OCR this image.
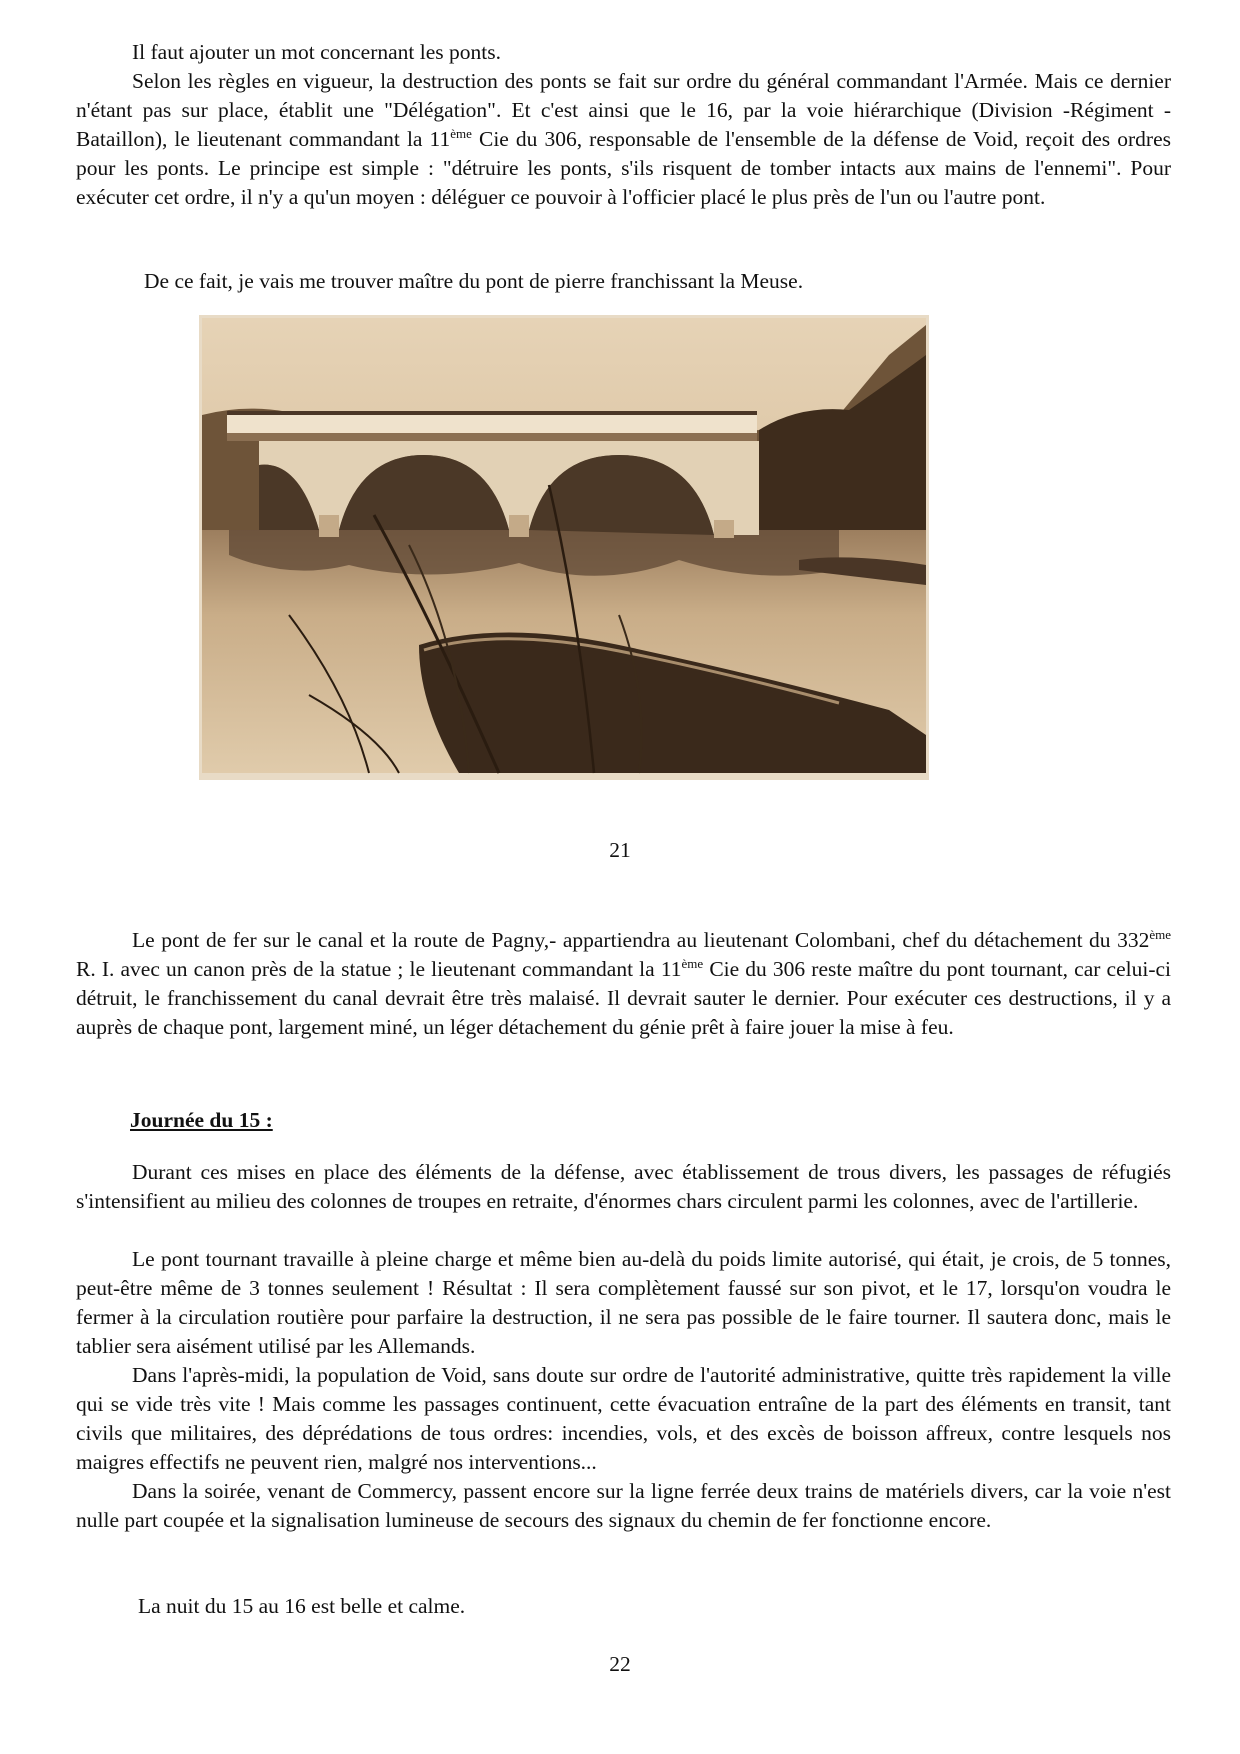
Il faut ajouter un mot concernant les ponts.

Selon les règles en vigueur, la destruction des ponts se fait sur ordre du général commandant l'Armée. Mais ce dernier n'étant pas sur place, établit une "Délégation". Et c'est ainsi que le 16, par la voie hiérarchique (Division -Régiment - Bataillon), le lieutenant commandant la 11ème Cie du 306, responsable de l'ensemble de la défense de Void, reçoit des ordres pour les ponts. Le principe est simple : "détruire les ponts, s'ils risquent de tomber intacts aux mains de l'ennemi". Pour exécuter cet ordre, il n'y a qu'un moyen : déléguer ce pouvoir à l'officier placé le plus près de l'un ou l'autre pont.

De ce fait, je vais me trouver maître du pont de pierre franchissant la Meuse.
21

Le pont de fer sur le canal et la route de Pagny,- appartiendra au lieutenant Colombani, chef du détachement du 332ème R. I. avec un canon près de la statue ; le lieutenant commandant la 11ème Cie du 306 reste maître du pont tournant, car celui-ci détruit, le franchissement du canal devrait être très malaisé. Il devrait sauter le dernier. Pour exécuter ces destructions, il y a auprès de chaque pont, largement miné, un léger détachement du génie prêt à faire jouer la mise à feu.

Journée du 15 :

Durant ces mises en place des éléments de la défense, avec établissement de trous divers, les passages de réfugiés s'intensifient au milieu des colonnes de troupes en retraite, d'énormes chars circulent parmi les colonnes, avec de l'artillerie.

Le pont tournant travaille à pleine charge et même bien au-delà du poids limite autorisé, qui était, je crois, de 5 tonnes, peut-être même de 3 tonnes seulement ! Résultat : Il sera complètement faussé sur son pivot, et le 17, lorsqu'on voudra le fermer à la circulation routière pour parfaire la destruction, il ne sera pas possible de le faire tourner. Il sautera donc, mais le tablier sera aisément utilisé par les Allemands.

Dans l'après-midi, la population de Void, sans doute sur ordre de l'autorité administrative, quitte très rapidement la ville qui se vide très vite ! Mais comme les passages continuent, cette évacuation entraîne de la part des éléments en transit, tant civils que militaires, des déprédations de tous ordres: incendies, vols, et des excès de boisson affreux, contre lesquels nos maigres effectifs ne peuvent rien, malgré nos interventions...

Dans la soirée, venant de Commercy, passent encore sur la ligne ferrée deux trains de matériels divers, car la voie n'est nulle part coupée et la signalisation lumineuse de secours des signaux du chemin de fer fonctionne encore.

La nuit du 15 au 16 est belle et calme.
22
